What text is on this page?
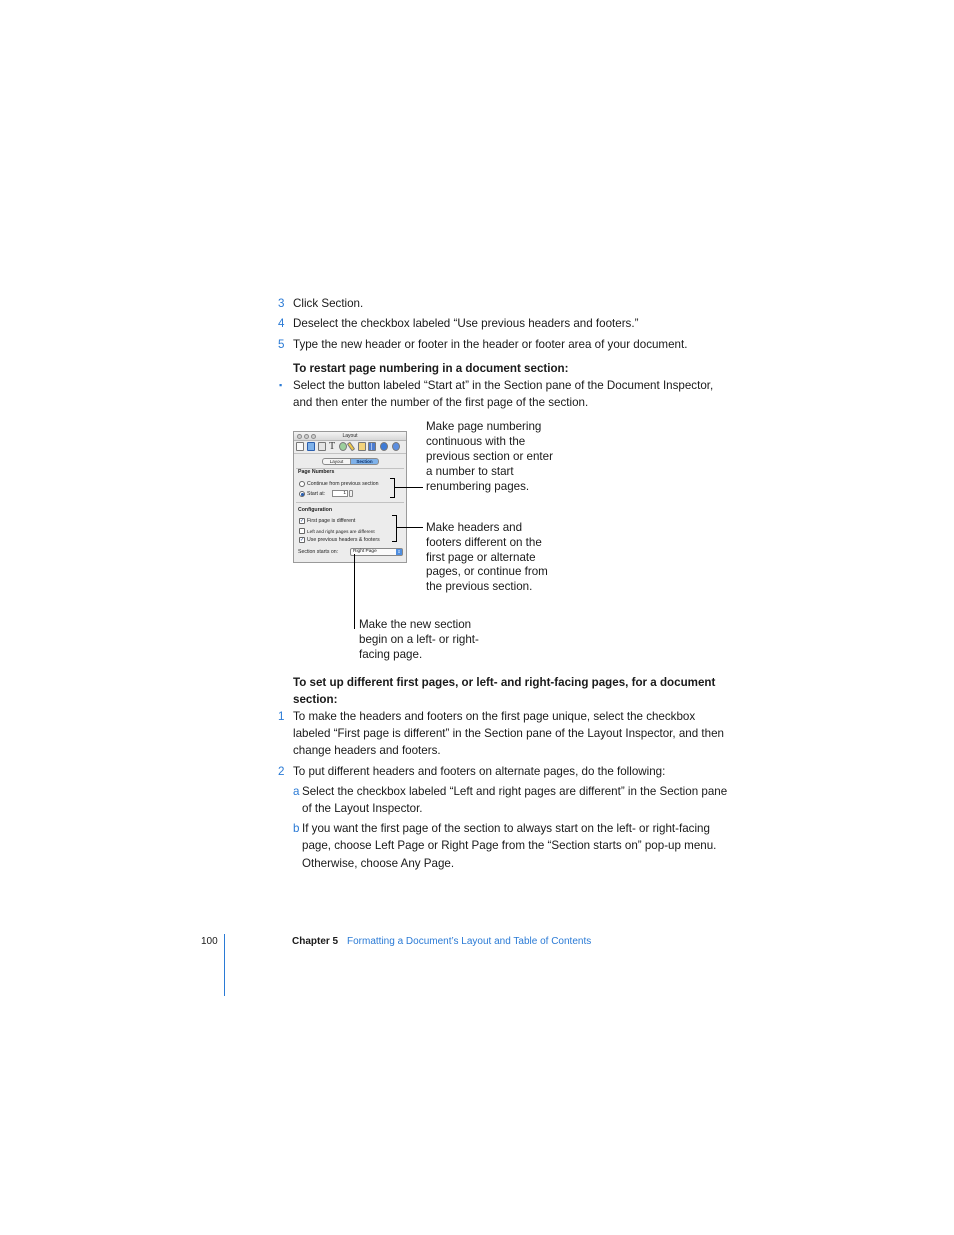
3 Click Section.
4 Deselect the checkbox labeled “Use previous headers and footers.”
5 Type the new header or footer in the header or footer area of your document.
To restart page numbering in a document section:
▪ Select the button labeled “Start at” in the Section pane of the Document Inspector,
and then enter the number of the first page of the section.
Layout
T
Layout	Section
Page Numbers
Continue from previous section
Start at:	1
Configuration
✓ First page is different
Left and right pages are different
✓ Use previous headers & footers
Section starts on:	Right Page	⇕
Make page numbering
continuous with the
previous section or enter
a number to start
renumbering pages.
Make headers and
footers different on the
first page or alternate
pages, or continue from
the previous section.
Make the new section
begin on a left- or right-
facing page.
To set up different first pages, or left- and right-facing pages, for a document
section:
1 To make the headers and footers on the first page unique, select the checkbox
labeled “First page is different” in the Section pane of the Layout Inspector, and then
change headers and footers.
2 To put different headers and footers on alternate pages, do the following:
a Select the checkbox labeled “Left and right pages are different” in the Section pane
of the Layout Inspector.
b If you want the first page of the section to always start on the left- or right-facing
page, choose Left Page or Right Page from the “Section starts on” pop-up menu.
Otherwise, choose Any Page.
100	Chapter 5 Formatting a Document’s Layout and Table of Contents
